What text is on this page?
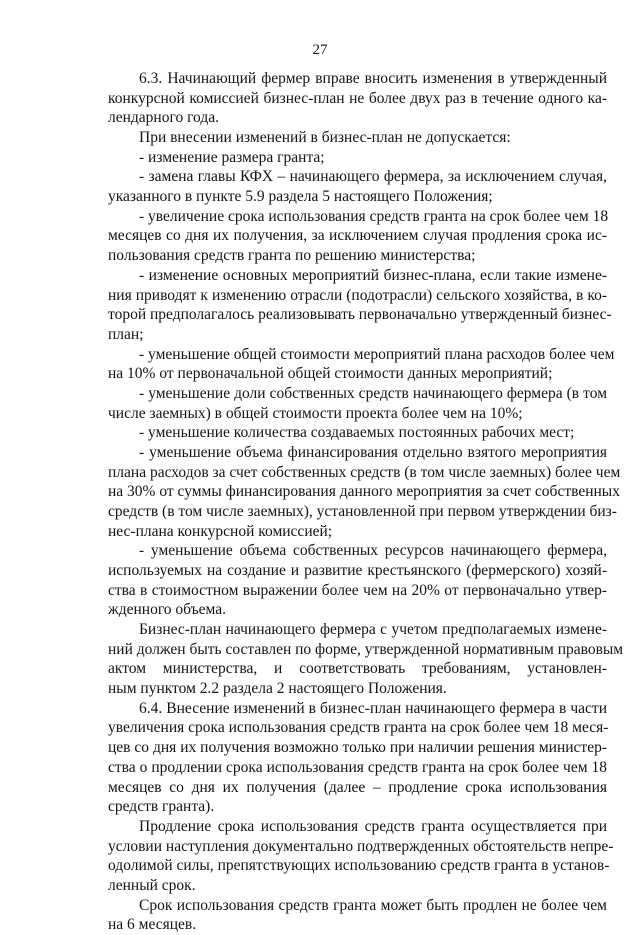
27
6.3. Начинающий фермер вправе вносить изменения в утвержденный
конкурсной комиссией бизнес-план не более двух раз в течение одного ка-
лендарного года.
При внесении изменений в бизнес-план не допускается:
- изменение размера гранта;
- замена главы КФХ – начинающего фермера, за исключением случая,
указанного в пункте 5.9 раздела 5 настоящего Положения;
- увеличение срока использования средств гранта на срок более чем 18
месяцев со дня их получения, за исключением случая продления срока ис-
пользования средств гранта по решению министерства;
- изменение основных мероприятий бизнес-плана, если такие измене-
ния приводят к изменению отрасли (подотрасли) сельского хозяйства, в ко-
торой предполагалось реализовывать первоначально утвержденный бизнес-
план;
- уменьшение общей стоимости мероприятий плана расходов более чем
на 10% от первоначальной общей стоимости данных мероприятий;
- уменьшение доли собственных средств начинающего фермера (в том
числе заемных) в общей стоимости проекта более чем на 10%;
- уменьшение количества создаваемых постоянных рабочих мест;
- уменьшение объема финансирования отдельно взятого мероприятия
плана расходов за счет собственных средств (в том числе заемных) более чем
на 30% от суммы финансирования данного мероприятия за счет собственных
средств (в том числе заемных), установленной при первом утверждении биз-
нес-плана конкурсной комиссией;
- уменьшение объема собственных ресурсов начинающего фермера,
используемых на создание и развитие крестьянского (фермерского) хозяй-
ства в стоимостном выражении более чем на 20% от первоначально утвер-
жденного объема.
Бизнес-план начинающего фермера с учетом предполагаемых измене-
ний должен быть составлен по форме, утвержденной нормативным правовым
актом министерства, и соответствовать требованиям, установлен-
ным пунктом 2.2 раздела 2 настоящего Положения.
6.4. Внесение изменений в бизнес-план начинающего фермера в части
увеличения срока использования средств гранта на срок более чем 18 меся-
цев со дня их получения возможно только при наличии решения министер-
ства о продлении срока использования средств гранта на срок более чем 18
месяцев со дня их получения (далее – продление срока использования
средств гранта).
Продление срока использования средств гранта осуществляется при
условии наступления документально подтвержденных обстоятельств непре-
одолимой силы, препятствующих использованию средств гранта в установ-
ленный срок.
Срок использования средств гранта может быть продлен не более чем
на 6 месяцев.
